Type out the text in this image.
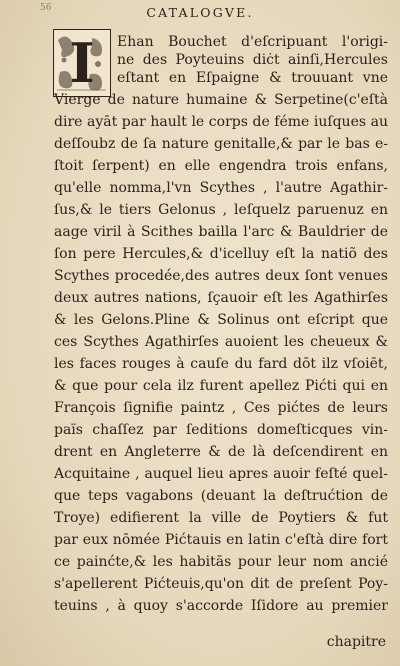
56	CATALOGVE.
I	Ehan Bouchet d'eſcripuant l'origi-
ne des Poyteuins diċt ainſi,Hercules
eſtant en Eſpaigne & trouuant vne
Vierge de nature humaine & Serpetine(c'eſtà
dire ayāt par hault le corps de féme iuſques au
deſſoubz de ſa nature genitalle,& par le bas e-
ſtoit ſerpent) en elle engendra trois enfans,
qu'elle nomma,l'vn Scythes , l'autre Agathir-
ſus,& le tiers Gelonus , leſquelz paruenuz en
aage viril à Scithes bailla l'arc & Bauldrier de
ſon pere Hercules,& d'icelluy eſt la natiõ des
Scythes procedée,des autres deux ſont venues
deux autres nations, ſçauoir eſt les Agathirſes
& les Gelons.Pline & Solinus ont eſcript que
ces Scythes Agathirſes auoient les cheueux &
les faces rouges à cauſe du fard dōt ilz vſoiēt,
& que pour cela ilz furent apellez Pićti qui en
François ſignifie paintz , Ces pićtes de leurs
païs chaſſez par ſeditions domeſticques vin-
drent en Angleterre & de là deſcendirent en
Acquitaine , auquel lieu apres auoir feſté quel-
que teps vagabons (deuant la deſtrućtion de
Troye) edifierent la ville de Poytiers & fut
par eux nōmée Pićtauis en latin c'eſtà dire fort
ce painćte,& les habitās pour leur nom ancié
s'apellerent Pićteuis,qu'on dit de preſent Poy-
teuins , à quoy s'accorde Iſidore au premier
chapitre
